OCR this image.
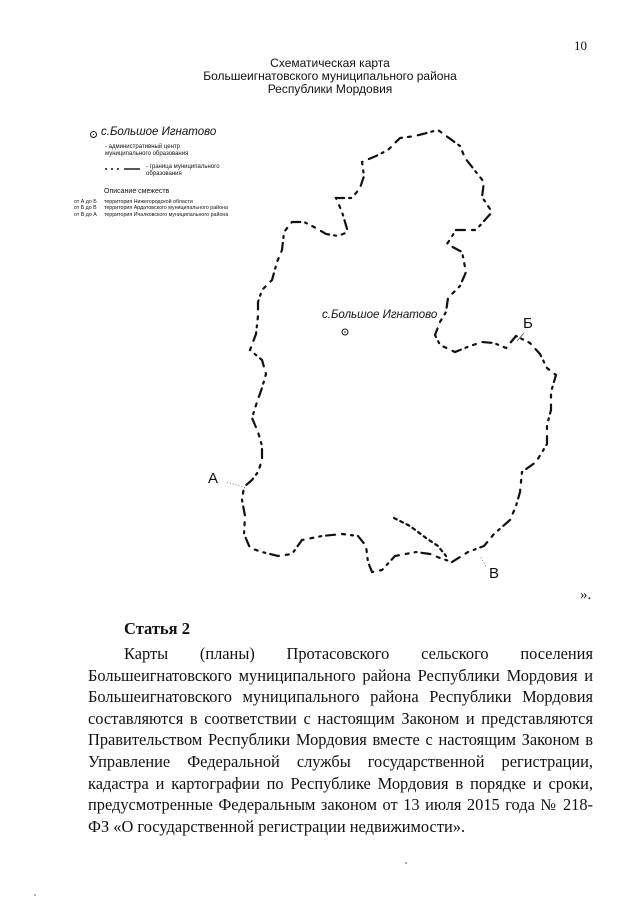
10
Схематическая карта
Большеигнатовского муниципального района
Республики Мордовия
с.Большое Игнатово
- административный центр муниципального образования
- граница муниципального образования
Описание смежеств
от А до Б	территория Нижегородской области
от Б до В	территория Ардатовского муниципального района
от В до А	территория Ичалковского муниципального района
с.Большое Игнатово
А
Б
В
».
Статья 2
Карты (планы) Протасовского сельского поселения Большеигнатовского муниципального района Республики Мордовия и Большеигнатовского муниципального района Республики Мордовия составляются в соответствии с настоящим Законом и представляются Правительством Республики Мордовия вместе с настоящим Законом в Управление Федеральной службы государственной регистрации, кадастра и картографии по Республике Мордовия в порядке и сроки, предусмотренные Федеральным законом от 13 июля 2015 года № 218-ФЗ «О государственной регистрации недвижимости».
